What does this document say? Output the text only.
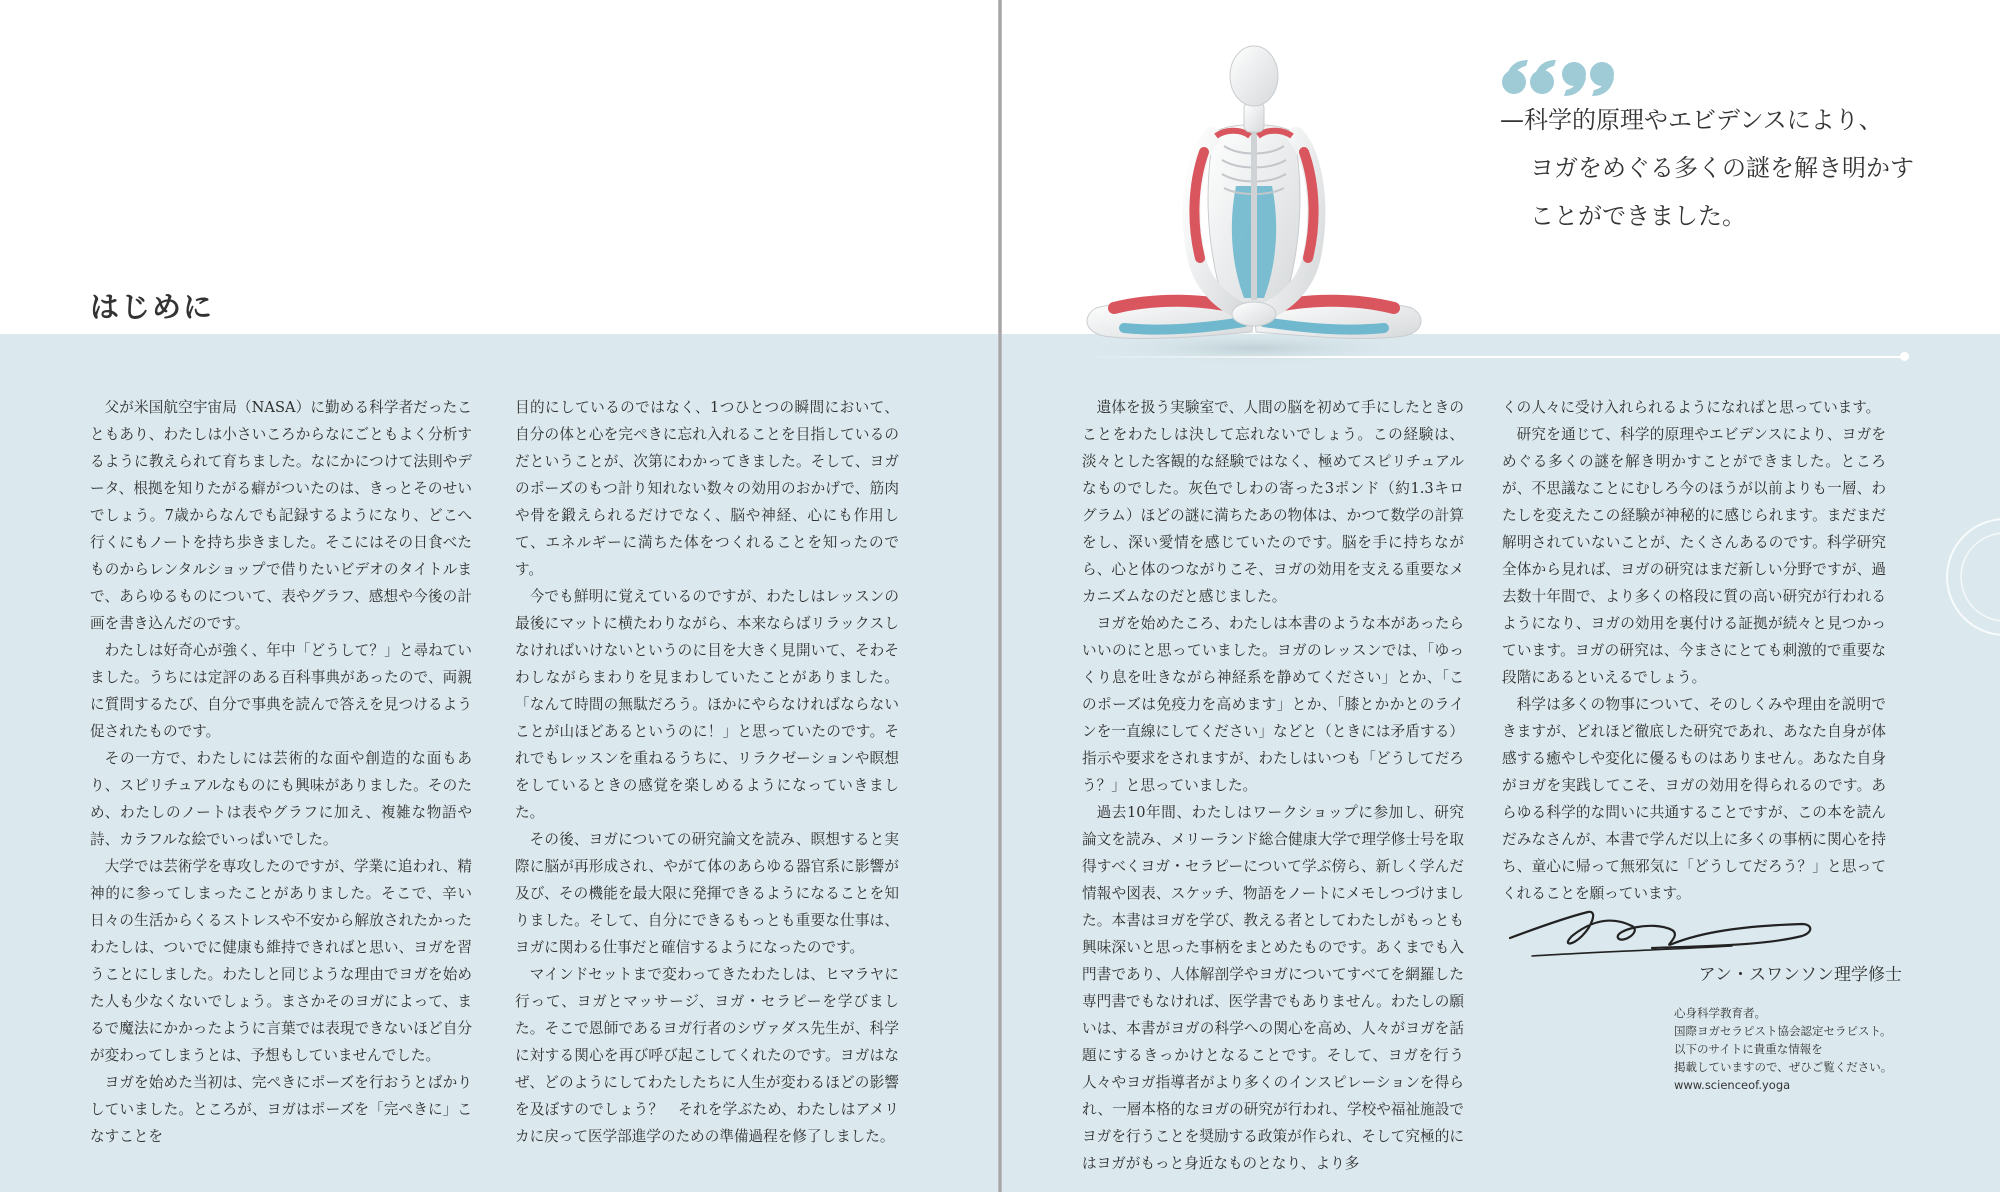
はじめに

父が米国航空宇宙局（NASA）に勤める科学者だったこともあり、わたしは小さいころからなにごともよく分析するように教えられて育ちました。なにかにつけて法則やデータ、根拠を知りたがる癖がついたのは、きっとそのせいでしょう。7歳からなんでも記録するようになり、どこへ行くにもノートを持ち歩きました。そこにはその日食べたものからレンタルショップで借りたいビデオのタイトルまで、あらゆるものについて、表やグラフ、感想や今後の計画を書き込んだのです。

わたしは好奇心が強く、年中「どうして？」と尋ねていました。うちには定評のある百科事典があったので、両親に質問するたび、自分で事典を読んで答えを見つけるよう促されたものです。

その一方で、わたしには芸術的な面や創造的な面もあり、スピリチュアルなものにも興味がありました。そのため、わたしのノートは表やグラフに加え、複雑な物語や詩、カラフルな絵でいっぱいでした。

大学では芸術学を専攻したのですが、学業に追われ、精神的に参ってしまったことがありました。そこで、辛い日々の生活からくるストレスや不安から解放されたかったわたしは、ついでに健康も維持できればと思い、ヨガを習うことにしました。わたしと同じような理由でヨガを始めた人も少なくないでしょう。まさかそのヨガによって、まるで魔法にかかったように言葉では表現できないほど自分が変わってしまうとは、予想もしていませんでした。

ヨガを始めた当初は、完ぺきにポーズを行おうとばかりしていました。ところが、ヨガはポーズを「完ぺきに」こなすことを

目的にしているのではなく、1つひとつの瞬間において、自分の体と心を完ぺきに忘れ入れることを目指しているのだということが、次第にわかってきました。そして、ヨガのポーズのもつ計り知れない数々の効用のおかげで、筋肉や骨を鍛えられるだけでなく、脳や神経、心にも作用して、エネルギーに満ちた体をつくれることを知ったのです。

今でも鮮明に覚えているのですが、わたしはレッスンの最後にマットに横たわりながら、本来ならばリラックスしなければいけないというのに目を大きく見開いて、そわそわしながらまわりを見まわしていたことがありました。「なんて時間の無駄だろう。ほかにやらなければならないことが山ほどあるというのに！」と思っていたのです。それでもレッスンを重ねるうちに、リラクゼーションや瞑想をしているときの感覚を楽しめるようになっていきました。

その後、ヨガについての研究論文を読み、瞑想すると実際に脳が再形成され、やがて体のあらゆる器官系に影響が及び、その機能を最大限に発揮できるようになることを知りました。そして、自分にできるもっとも重要な仕事は、ヨガに関わる仕事だと確信するようになったのです。

マインドセットまで変わってきたわたしは、ヒマラヤに行って、ヨガとマッサージ、ヨガ・セラピーを学びました。そこで恩師であるヨガ行者のシヴァダス先生が、科学に対する関心を再び呼び起こしてくれたのです。ヨガはなぜ、どのようにしてわたしたちに人生が変わるほどの影響を及ぼすのでしょう？　それを学ぶため、わたしはアメリカに戻って医学部進学のための準備過程を修了しました。

—科学的原理やエビデンスにより、
ヨガをめぐる多くの謎を解き明かす
ことができました。

遺体を扱う実験室で、人間の脳を初めて手にしたときのことをわたしは決して忘れないでしょう。この経験は、淡々とした客観的な経験ではなく、極めてスピリチュアルなものでした。灰色でしわの寄った3ポンド（約1.3キログラム）ほどの謎に満ちたあの物体は、かつて数学の計算をし、深い愛情を感じていたのです。脳を手に持ちながら、心と体のつながりこそ、ヨガの効用を支える重要なメカニズムなのだと感じました。

ヨガを始めたころ、わたしは本書のような本があったらいいのにと思っていました。ヨガのレッスンでは、「ゆっくり息を吐きながら神経系を静めてください」とか、「このポーズは免疫力を高めます」とか、「膝とかかとのラインを一直線にしてください」などと（ときには矛盾する）指示や要求をされますが、わたしはいつも「どうしてだろう？」と思っていました。

過去10年間、わたしはワークショップに参加し、研究論文を読み、メリーランド総合健康大学で理学修士号を取得すべくヨガ・セラピーについて学ぶ傍ら、新しく学んだ情報や図表、スケッチ、物語をノートにメモしつづけました。本書はヨガを学び、教える者としてわたしがもっとも興味深いと思った事柄をまとめたものです。あくまでも入門書であり、人体解剖学やヨガについてすべてを網羅した専門書でもなければ、医学書でもありません。わたしの願いは、本書がヨガの科学への関心を高め、人々がヨガを話題にするきっかけとなることです。そして、ヨガを行う人々やヨガ指導者がより多くのインスピレーションを得られ、一層本格的なヨガの研究が行われ、学校や福祉施設でヨガを行うことを奨励する政策が作られ、そして究極的にはヨガがもっと身近なものとなり、より多

くの人々に受け入れられるようになればと思っています。

研究を通じて、科学的原理やエビデンスにより、ヨガをめぐる多くの謎を解き明かすことができました。ところが、不思議なことにむしろ今のほうが以前よりも一層、わたしを変えたこの経験が神秘的に感じられます。まだまだ解明されていないことが、たくさんあるのです。科学研究全体から見れば、ヨガの研究はまだ新しい分野ですが、過去数十年間で、より多くの格段に質の高い研究が行われるようになり、ヨガの効用を裏付ける証拠が続々と見つかっています。ヨガの研究は、今まさにとても刺激的で重要な段階にあるといえるでしょう。

科学は多くの物事について、そのしくみや理由を説明できますが、どれほど徹底した研究であれ、あなた自身が体感する癒やしや変化に優るものはありません。あなた自身がヨガを実践してこそ、ヨガの効用を得られるのです。あらゆる科学的な問いに共通することですが、この本を読んだみなさんが、本書で学んだ以上に多くの事柄に関心を持ち、童心に帰って無邪気に「どうしてだろう？」と思ってくれることを願っています。

アン・スワンソン理学修士
心身科学教育者。
国際ヨガセラピスト協会認定セラピスト。
以下のサイトに貴重な情報を
掲載していますので、ぜひご覧ください。
www.scienceof.yoga
